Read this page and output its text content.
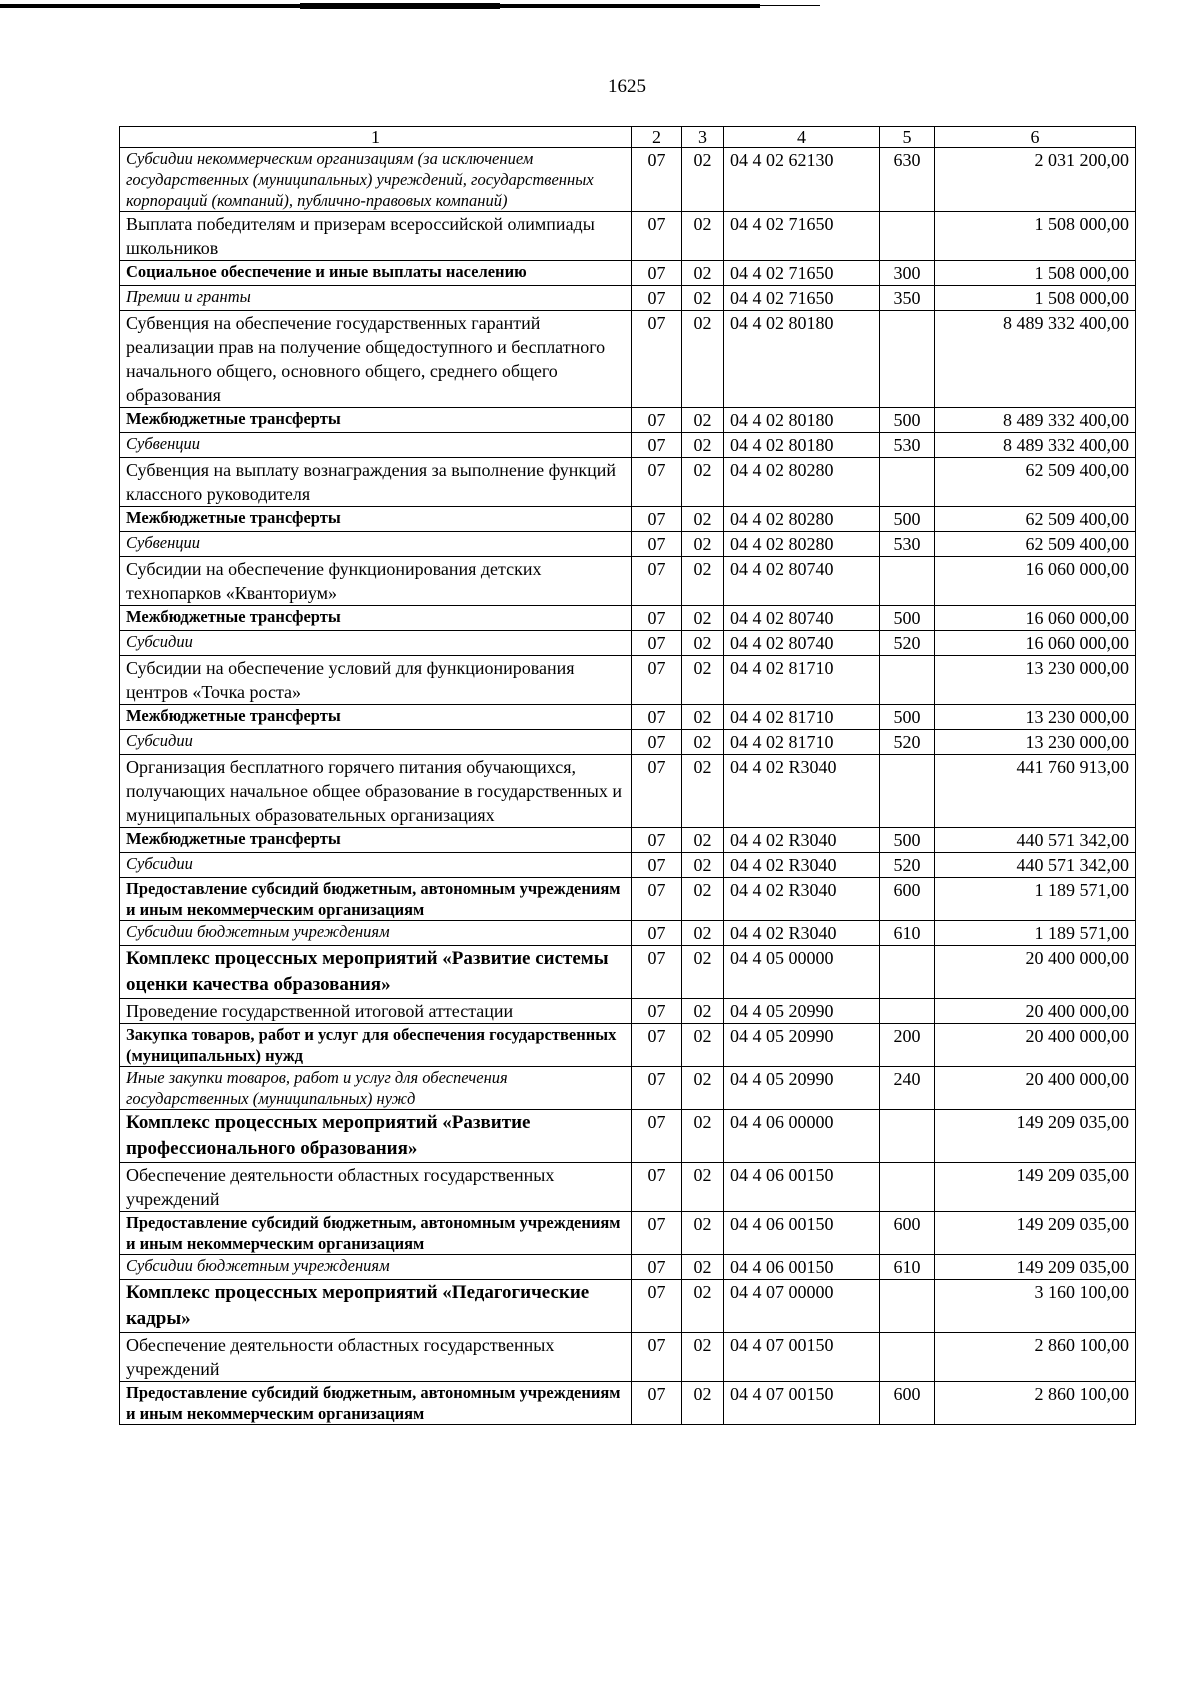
1625
1	2	3	4	5	6
Субсидии некоммерческим организациям (за исключением государственных (муниципальных) учреждений, государственных корпораций (компаний), публично-правовых компаний)	07	02	04 4 02 62130	630	2 031 200,00
Выплата победителям и призерам всероссийской олимпиады школьников	07	02	04 4 02 71650		1 508 000,00
Социальное обеспечение и иные выплаты населению	07	02	04 4 02 71650	300	1 508 000,00
Премии и гранты	07	02	04 4 02 71650	350	1 508 000,00
Субвенция на обеспечение государственных гарантий реализации прав на получение общедоступного и бесплатного начального общего, основного общего, среднего общего образования	07	02	04 4 02 80180		8 489 332 400,00
Межбюджетные трансферты	07	02	04 4 02 80180	500	8 489 332 400,00
Субвенции	07	02	04 4 02 80180	530	8 489 332 400,00
Субвенция на выплату вознаграждения за выполнение функций классного руководителя	07	02	04 4 02 80280		62 509 400,00
Межбюджетные трансферты	07	02	04 4 02 80280	500	62 509 400,00
Субвенции	07	02	04 4 02 80280	530	62 509 400,00
Субсидии на обеспечение функционирования детских технопарков «Кванториум»	07	02	04 4 02 80740		16 060 000,00
Межбюджетные трансферты	07	02	04 4 02 80740	500	16 060 000,00
Субсидии	07	02	04 4 02 80740	520	16 060 000,00
Субсидии на обеспечение условий для функционирования центров «Точка роста»	07	02	04 4 02 81710		13 230 000,00
Межбюджетные трансферты	07	02	04 4 02 81710	500	13 230 000,00
Субсидии	07	02	04 4 02 81710	520	13 230 000,00
Организация бесплатного горячего питания обучающихся, получающих начальное общее образование в государственных и муниципальных образовательных организациях	07	02	04 4 02 R3040		441 760 913,00
Межбюджетные трансферты	07	02	04 4 02 R3040	500	440 571 342,00
Субсидии	07	02	04 4 02 R3040	520	440 571 342,00
Предоставление субсидий бюджетным, автономным учреждениям и иным некоммерческим организациям	07	02	04 4 02 R3040	600	1 189 571,00
Субсидии бюджетным учреждениям	07	02	04 4 02 R3040	610	1 189 571,00
Комплекс процессных мероприятий «Развитие системы оценки качества образования»	07	02	04 4 05 00000		20 400 000,00
Проведение государственной итоговой аттестации	07	02	04 4 05 20990		20 400 000,00
Закупка товаров, работ и услуг для обеспечения государственных (муниципальных) нужд	07	02	04 4 05 20990	200	20 400 000,00
Иные закупки товаров, работ и услуг для обеспечения государственных (муниципальных) нужд	07	02	04 4 05 20990	240	20 400 000,00
Комплекс процессных мероприятий «Развитие профессионального образования»	07	02	04 4 06 00000		149 209 035,00
Обеспечение деятельности областных государственных учреждений	07	02	04 4 06 00150		149 209 035,00
Предоставление субсидий бюджетным, автономным учреждениям и иным некоммерческим организациям	07	02	04 4 06 00150	600	149 209 035,00
Субсидии бюджетным учреждениям	07	02	04 4 06 00150	610	149 209 035,00
Комплекс процессных мероприятий «Педагогические кадры»	07	02	04 4 07 00000		3 160 100,00
Обеспечение деятельности областных государственных учреждений	07	02	04 4 07 00150		2 860 100,00
Предоставление субсидий бюджетным, автономным учреждениям и иным некоммерческим организациям	07	02	04 4 07 00150	600	2 860 100,00
